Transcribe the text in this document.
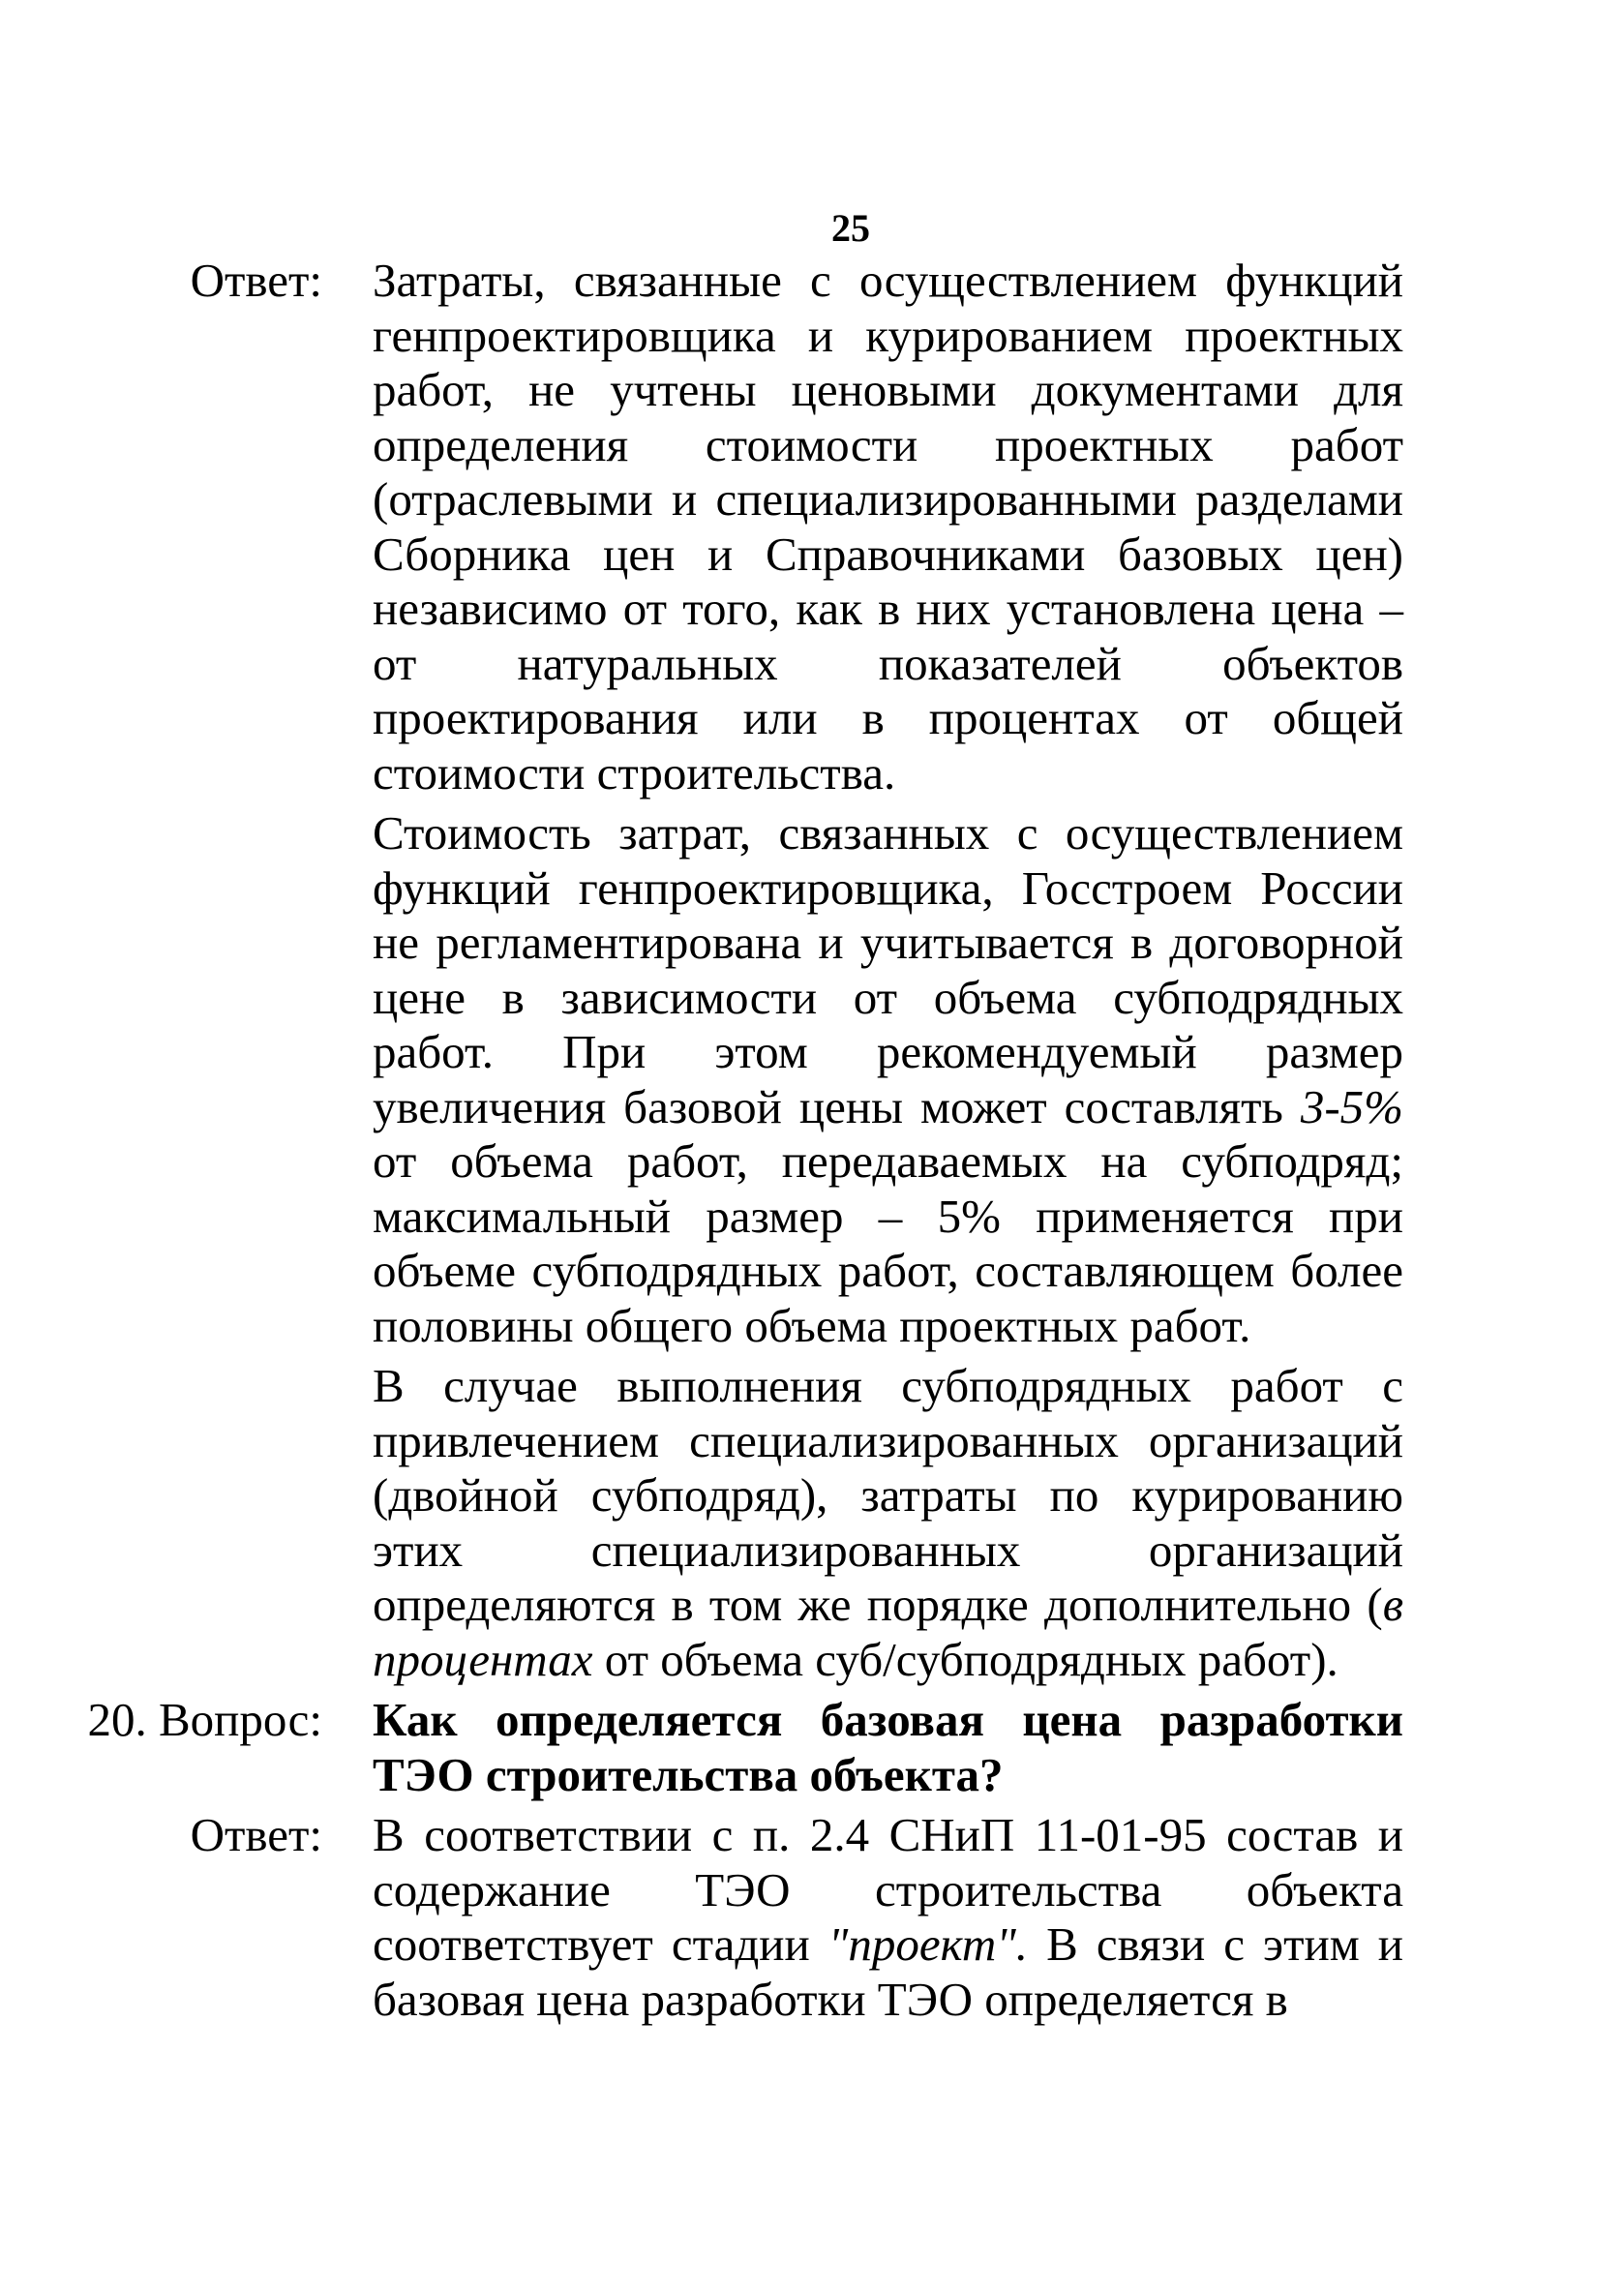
25
Ответ:	Затраты, связанные с осуществлением функций генпроектировщика и курированием проектных работ, не учтены ценовыми документами для определения стоимости проектных работ (отраслевыми и специализированными разделами Сборника цен и Справочниками базовых цен) независимо от того, как в них установлена цена – от натуральных показателей объектов проектирования или в процентах от общей стоимости строительства.

Стоимость затрат, связанных с осуществлением функций генпроектировщика, Госстроем России не регламентирована и учитывается в договорной цене в зависимости от объема субподрядных работ. При этом рекомендуемый размер увеличения базовой цены может составлять 3-5% от объема работ, передаваемых на субподряд; максимальный размер – 5% применяется при объеме субподрядных работ, составляющем более половины общего объема проектных работ.

В случае выполнения субподрядных работ с привлечением специализированных организаций (двойной субподряд), затраты по курированию этих специализированных организаций определяются в том же порядке дополнительно (в процентах от объема суб/субподрядных работ).

20. Вопрос:	Как определяется базовая цена разработки ТЭО строительства объекта?

Ответ:	В соответствии с п. 2.4 СНиП 11-01-95 состав и содержание ТЭО строительства объекта соответствует стадии "проект". В связи с этим и базовая цена разработки ТЭО определяется в
